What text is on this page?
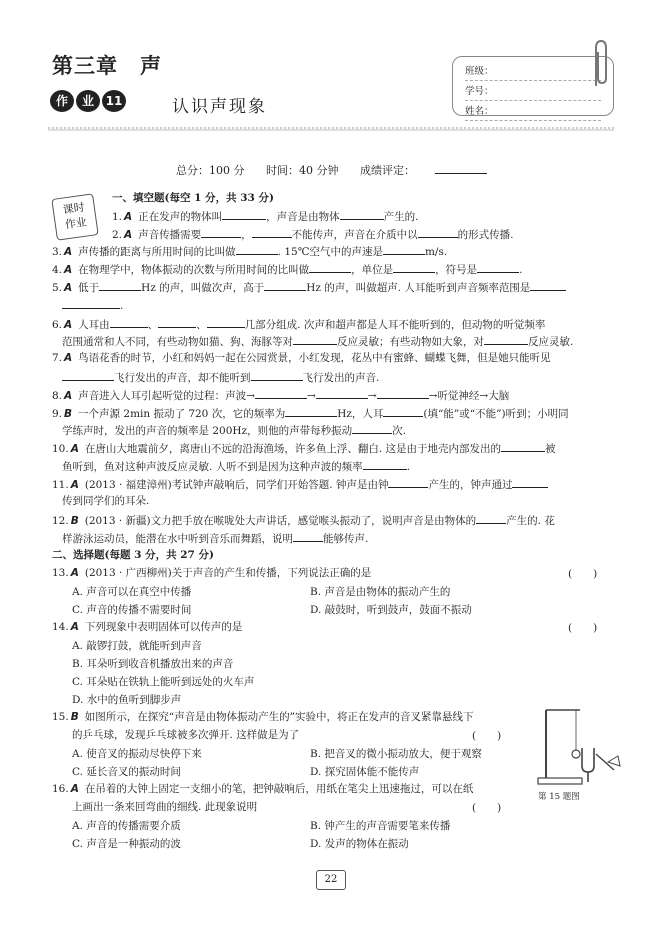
第三章　声
作	业 11	认识声现象
班级：
学号：
姓名：
总分：100 分 时间：40 分钟 成绩评定：
课时
作业
一、填空题(每空 1 分，共 33 分)
1. A 正在发声的物体叫	，声音是由物体	产生的.
2. A 声音传播需要	，	不能传声，声音在介质中以	的形式传播.
3. A 声传播的距离与所用时间的比叫做	. 15℃空气中的声速是	m/s.
4. A 在物理学中，物体振动的次数与所用时间的比叫做	，单位是	，符号是	.
5. A 低于	Hz 的声，叫做次声，高于	Hz 的声，叫做超声. 人耳能听到声音频率范围是
.
6. A 人耳由	、	、	几部分组成. 次声和超声都是人耳不能听到的，但动物的听觉频率
范围通常和人不同，有些动物如猫、狗、海豚等对	反应灵敏；有些动物如大象，对	反应灵敏.
7. A 鸟语花香的时节，小红和妈妈一起在公园赏景，小红发现，花丛中有蜜蜂、蝴蝶飞舞，但是她只能听见
飞行发出的声音，却不能听到	飞行发出的声音.
8. A 声音进入人耳引起听觉的过程：声波→	→	→	→听觉神经→大脑
9. B 一个声源 2min 振动了 720 次，它的频率为	Hz，人耳	(填“能”或“不能”)听到；小明同
学练声时，发出的声音的频率是 200Hz，则他的声带每秒振动	次.
10. A 在唐山大地震前夕，离唐山不远的沿海渔场，许多鱼上浮、翻白. 这是由于地壳内部发出的	被
鱼听到，鱼对这种声波反应灵敏. 人听不到是因为这种声波的频率	.
11. A (2013 · 福建漳州)考试钟声敲响后，同学们开始答题. 钟声是由钟	产生的，钟声通过
传到同学们的耳朵.
12. B (2013 · 新疆)文力把手放在喉咙处大声讲话，感觉喉头振动了，说明声音是由物体的	产生的. 花
样游泳运动员，能潜在水中听到音乐而舞蹈，说明	能够传声.
二、选择题(每题 3 分，共 27 分)
13. A (2013 · 广西柳州)关于声音的产生和传播，下列说法正确的是	(　　)
A. 声音可以在真空中传播	B. 声音是由物体的振动产生的
C. 声音的传播不需要时间	D. 敲鼓时，听到鼓声，鼓面不振动
14. A 下列现象中表明固体可以传声的是	(　　)
A. 敲锣打鼓，就能听到声音
B. 耳朵听到收音机播放出来的声音
C. 耳朵贴在铁轨上能听到远处的火车声
D. 水中的鱼听到脚步声
15. B 如图所示，在探究“声音是由物体振动产生的”实验中，将正在发声的音叉紧靠悬线下
的乒乓球，发现乒乓球被多次弹开. 这样做是为了	(　　)
A. 使音叉的振动尽快停下来	B. 把音叉的微小振动放大，便于观察
C. 延长音叉的振动时间	D. 探究固体能不能传声
第 15 题图
16. A 在吊着的大钟上固定一支细小的笔，把钟敲响后，用纸在笔尖上迅速拖过，可以在纸
上画出一条来回弯曲的细线. 此现象说明	(　　)
A. 声音的传播需要介质	B. 钟产生的声音需要笔来传播
C. 声音是一种振动的波	D. 发声的物体在振动
22
